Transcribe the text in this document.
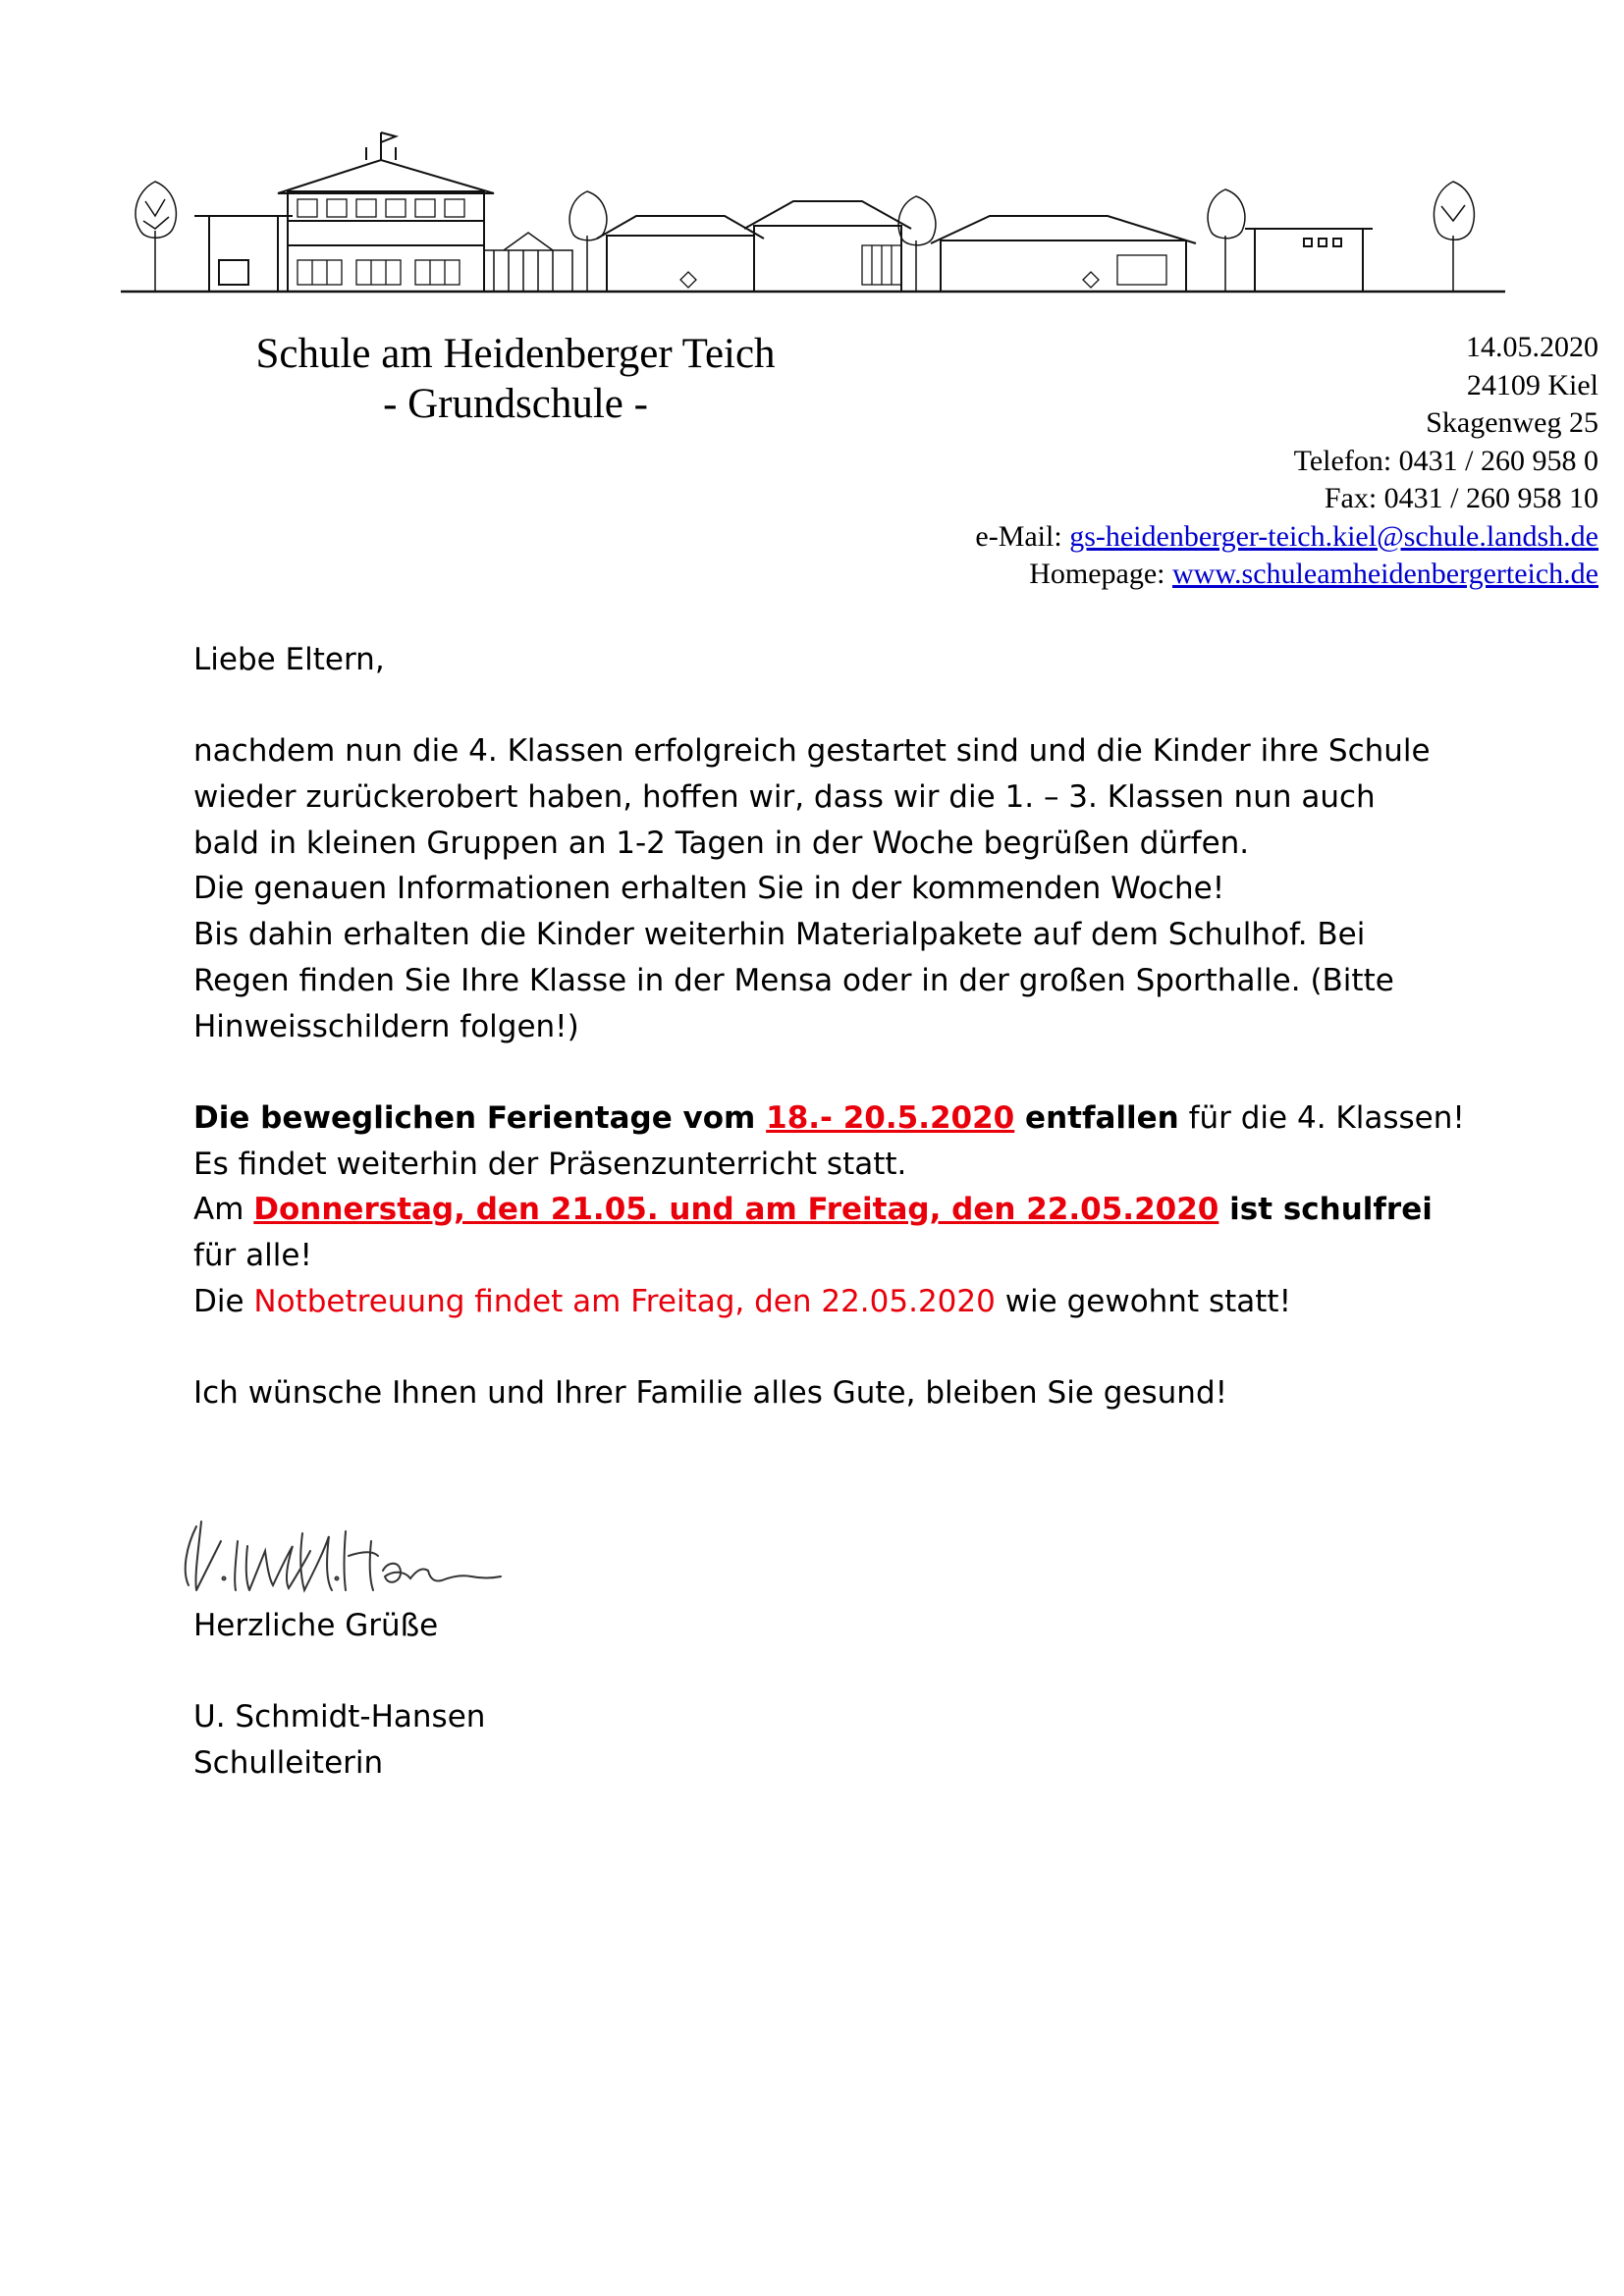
Schule am Heidenberger Teich
- Grundschule -
14.05.2020
24109 Kiel
Skagenweg 25
Telefon: 0431 / 260 958 0
Fax: 0431 / 260 958 10
e-Mail: gs-heidenberger-teich.kiel@schule.landsh.de
Homepage: www.schuleamheidenbergerteich.de
Liebe Eltern,
nachdem nun die 4. Klassen erfolgreich gestartet sind und die Kinder ihre Schule
wieder zurückerobert haben, hoffen wir, dass wir die 1. – 3. Klassen nun auch
bald in kleinen Gruppen an 1-2 Tagen in der Woche begrüßen dürfen.
Die genauen Informationen erhalten Sie in der kommenden Woche!
Bis dahin erhalten die Kinder weiterhin Materialpakete auf dem Schulhof. Bei
Regen finden Sie Ihre Klasse in der Mensa oder in der großen Sporthalle. (Bitte
Hinweisschildern folgen!)
Die beweglichen Ferientage vom 18.- 20.5.2020 entfallen für die 4. Klassen!
Es findet weiterhin der Präsenzunterricht statt.
Am Donnerstag, den 21.05. und am Freitag, den 22.05.2020 ist schulfrei
für alle!
Die Notbetreuung findet am Freitag, den 22.05.2020 wie gewohnt statt!
Ich wünsche Ihnen und Ihrer Familie alles Gute, bleiben Sie gesund!
Herzliche Grüße
U. Schmidt-Hansen
Schulleiterin
